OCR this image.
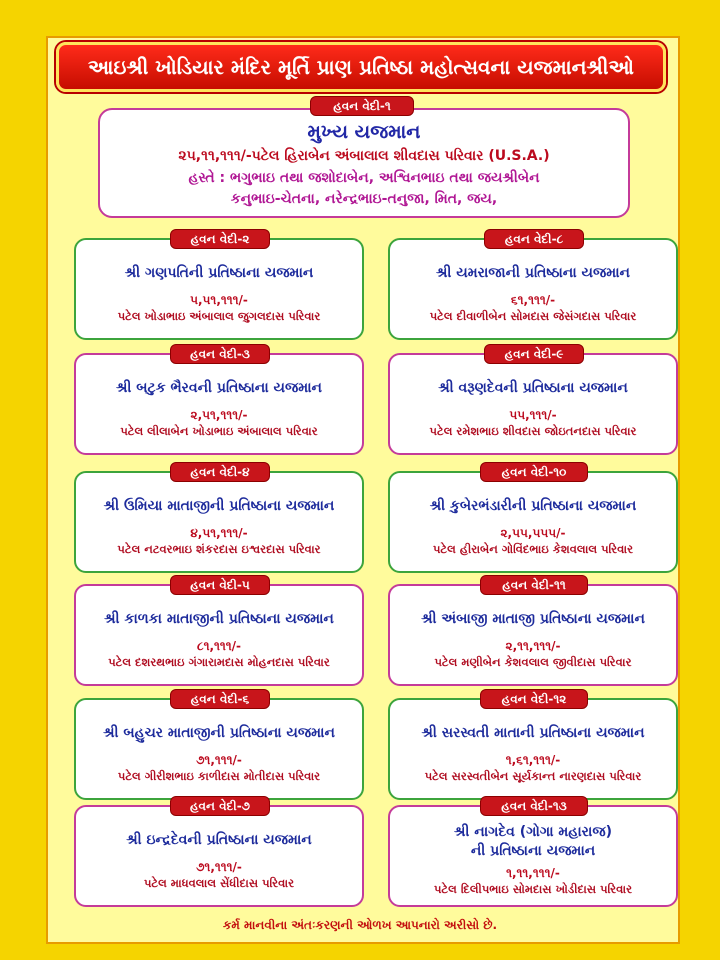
આઇશ્રી ખોડિયાર મંદિર મૂર્તિ પ્રાણ પ્રતિષ્ઠા મહોત્સવના યજમાનશ્રીઓ
હવન વેદી-૧
મુખ્ય યજમાન
૨૫,૧૧,૧૧૧/-પટેલ હિરાબેન અંબાલાલ શીવદાસ પરિવાર (U.S.A.)
હસ્તે : ભગુભાઇ તથા જશોદાબેન, અશ્વિનભાઇ તથા જયશ્રીબેન
કનુભાઇ-ચેતના, નરેન્દ્રભાઇ-તનુજા, મિત, જય,
હવન વેદી-૨
શ્રી ગણપતિની પ્રતિષ્ઠાના યજમાન
૫,૫૧,૧૧૧/-
પટેલ ખોડાભાઇ અંબાલાલ જુગલદાસ પરિવાર
હવન વેદી-૮
શ્રી યમરાજાની પ્રતિષ્ઠાના યજમાન
૬૧,૧૧૧/-
પટેલ દીવાળીબેન સોમદાસ જેસંગદાસ પરિવાર
હવન વેદી-૩
શ્રી બટુક ભૈરવની પ્રતિષ્ઠાના યજમાન
૨,૫૧,૧૧૧/-
પટેલ લીલાબેન ખોડાભાઇ અંબાલાલ પરિવાર
હવન વેદી-૯
શ્રી વરૂણદેવની પ્રતિષ્ઠાના યજમાન
૫૫,૧૧૧/-
પટેલ રમેશભાઇ શીવદાસ જોઇતનદાસ પરિવાર
હવન વેદી-૪
શ્રી ઉમિયા માતાજીની પ્રતિષ્ઠાના યજમાન
૪,૫૧,૧૧૧/-
પટેલ નટવરભાઇ શંકરદાસ ઇશ્વરદાસ પરિવાર
હવન વેદી-૧૦
શ્રી કુબેરભંડારીની પ્રતિષ્ઠાના યજમાન
૨,૫૫,૫૫૫/-
પટેલ હીરાબેન ગોવિંદભાઇ કેશવલાલ પરિવાર
હવન વેદી-૫
શ્રી કાળકા માતાજીની પ્રતિષ્ઠાના યજમાન
૮૧,૧૧૧/-
પટેલ દશરથભાઇ ગંગારામદાસ મોહનદાસ પરિવાર
હવન વેદી-૧૧
શ્રી અંબાજી માતાજી પ્રતિષ્ઠાના યજમાન
૨,૧૧,૧૧૧/-
પટેલ મણીબેન કેશવલાલ જીવીદાસ પરિવાર
હવન વેદી-૬
શ્રી બહુચર માતાજીની પ્રતિષ્ઠાના યજમાન
૭૧,૧૧૧/-
પટેલ ગીરીશભાઇ કાળીદાસ મોતીદાસ પરિવાર
હવન વેદી-૧૨
શ્રી સરસ્વતી માતાની પ્રતિષ્ઠાના યજમાન
૧,૬૧,૧૧૧/-
પટેલ સરસ્વતીબેન સૂર્યકાન્ત નારણદાસ પરિવાર
હવન વેદી-૭
શ્રી ઇન્દ્રદેવની પ્રતિષ્ઠાના યજમાન
૭૧,૧૧૧/-
પટેલ માધવલાલ સેંધીદાસ પરિવાર
હવન વેદી-૧૩
શ્રી નાગદેવ (ગોગા મહારાજ)
ની પ્રતિષ્ઠાના યજમાન
૧,૧૧,૧૧૧/-
પટેલ દિલીપભાઇ સોમદાસ ખોડીદાસ પરિવાર
કર્મ માનવીના અંતઃકરણની ઓળખ આપનારો અરીસો છે.
